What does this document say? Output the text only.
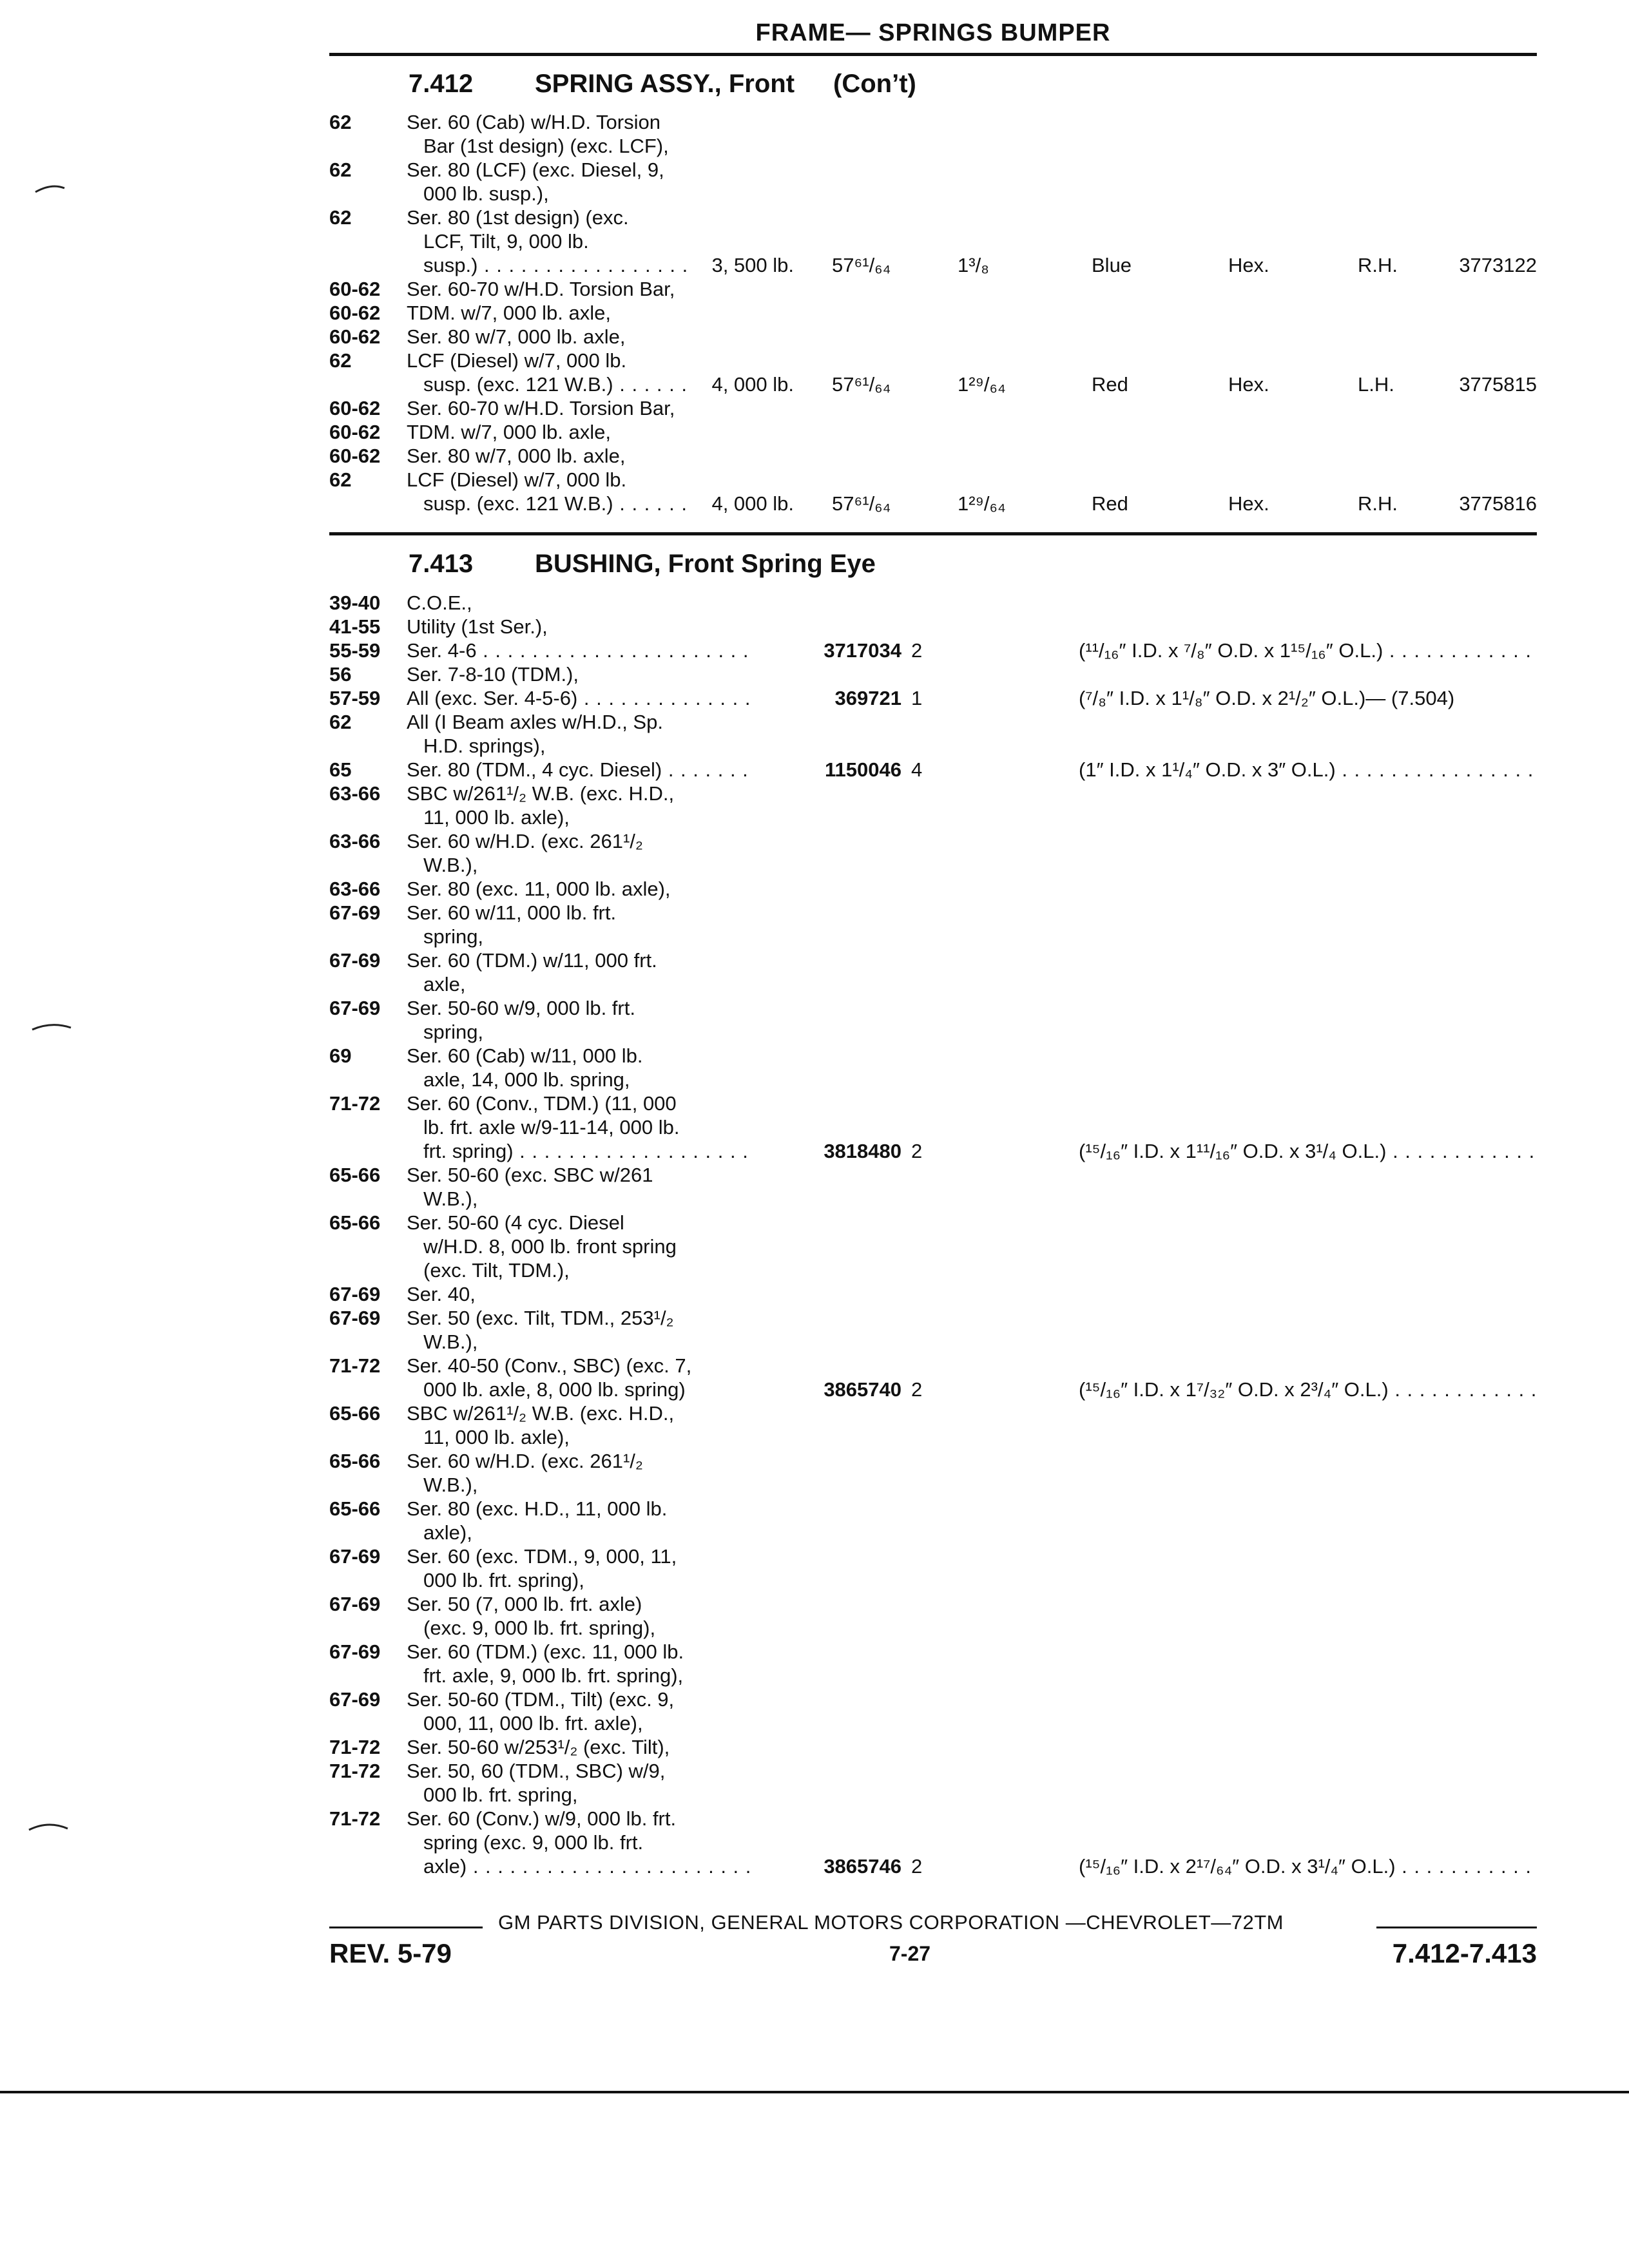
FRAME— SPRINGS BUMPER
7.412 SPRING ASSY., Front (Con’t)
62	Ser. 60 (Cab) w/H.D. Torsion
Bar (1st design) (exc. LCF),
62	Ser. 80 (LCF) (exc. Diesel, 9,
000 lb. susp.),
62	Ser. 80 (1st design) (exc.
LCF, Tilt, 9, 000 lb.
susp.) . . .	3, 500 lb. 57⁶¹/₆₄	1³/₈	Blue	Hex.	R.H.	3773122
60-62 Ser. 60-70 w/H.D. Torsion Bar,
60-62 TDM. w/7, 000 lb. axle,
60-62 Ser. 80 w/7, 000 lb. axle,
62	LCF (Diesel) w/7, 000 lb.
susp. (exc. 121 W.B.) . . .	4, 000 lb. 57⁶¹/₆₄	1²⁹/₆₄	Red	Hex.	L.H.	3775815
60-62 Ser. 60-70 w/H.D. Torsion Bar,
60-62 TDM. w/7, 000 lb. axle,
60-62 Ser. 80 w/7, 000 lb. axle,
62	LCF (Diesel) w/7, 000 lb.
susp. (exc. 121 W.B.) . . .	4, 000 lb. 57⁶¹/₆₄	1²⁹/₆₄	Red	Hex.	R.H.	3775816
7.413 BUSHING, Front Spring Eye
39-40 C.O.E.,
41-55 Utility (1st Ser.),
55-59 Ser. 4-6 . . .	3717034 2	(¹¹/₁₆″ I.D. x ⁷/₈″ O.D. x 1¹⁵/₁₆″ O.L.) . . .
56	Ser. 7-8-10 (TDM.),
57-59 All (exc. Ser. 4-5-6) . . .	369721 1	(⁷/₈″ I.D. x 1¹/₈″ O.D. x 2¹/₂″ O.L.)— (7.504)
62	All (I Beam axles w/H.D., Sp.
H.D. springs),
65	Ser. 80 (TDM., 4 cyc. Diesel) . . .	1150046 4	(1″ I.D. x 1¹/₄″ O.D. x 3″ O.L.) . . .
63-66 SBC w/261¹/₂ W.B. (exc. H.D.,
11, 000 lb. axle),
63-66 Ser. 60 w/H.D. (exc. 261¹/₂
W.B.),
63-66 Ser. 80 (exc. 11, 000 lb. axle),
67-69 Ser. 60 w/11, 000 lb. frt.
spring,
67-69 Ser. 60 (TDM.) w/11, 000 frt.
axle,
67-69 Ser. 50-60 w/9, 000 lb. frt.
spring,
69	Ser. 60 (Cab) w/11, 000 lb.
axle, 14, 000 lb. spring,
71-72 Ser. 60 (Conv., TDM.) (11, 000
lb. frt. axle w/9-11-14, 000 lb.
frt. spring) . . .	3818480 2	(¹⁵/₁₆″ I.D. x 1¹¹/₁₆″ O.D. x 3¹/₄ O.L.) . . .
65-66 Ser. 50-60 (exc. SBC w/261
W.B.),
65-66 Ser. 50-60 (4 cyc. Diesel
w/H.D. 8, 000 lb. front spring
(exc. Tilt, TDM.),
67-69 Ser. 40,
67-69 Ser. 50 (exc. Tilt, TDM., 253¹/₂
W.B.),
71-72 Ser. 40-50 (Conv., SBC) (exc. 7,
000 lb. axle, 8, 000 lb. spring)	3865740 2	(¹⁵/₁₆″ I.D. x 1⁷/₃₂″ O.D. x 2³/₄″ O.L.) . . .
65-66 SBC w/261¹/₂ W.B. (exc. H.D.,
11, 000 lb. axle),
65-66 Ser. 60 w/H.D. (exc. 261¹/₂
W.B.),
65-66 Ser. 80 (exc. H.D., 11, 000 lb.
axle),
67-69 Ser. 60 (exc. TDM., 9, 000, 11,
000 lb. frt. spring),
67-69 Ser. 50 (7, 000 lb. frt. axle)
(exc. 9, 000 lb. frt. spring),
67-69 Ser. 60 (TDM.) (exc. 11, 000 lb.
frt. axle, 9, 000 lb. frt. spring),
67-69 Ser. 50-60 (TDM., Tilt) (exc. 9,
000, 11, 000 lb. frt. axle),
71-72 Ser. 50-60 w/253¹/₂ (exc. Tilt),
71-72 Ser. 50, 60 (TDM., SBC) w/9,
000 lb. frt. spring,
71-72 Ser. 60 (Conv.) w/9, 000 lb. frt.
spring (exc. 9, 000 lb. frt.
axle) . . .	3865746 2	(¹⁵/₁₆″ I.D. x 2¹⁷/₆₄″ O.D. x 3¹/₄″ O.L.) . . .
GM PARTS DIVISION, GENERAL MOTORS CORPORATION —CHEVROLET—72TM
REV. 5-79	7-27	7.412-7.413
